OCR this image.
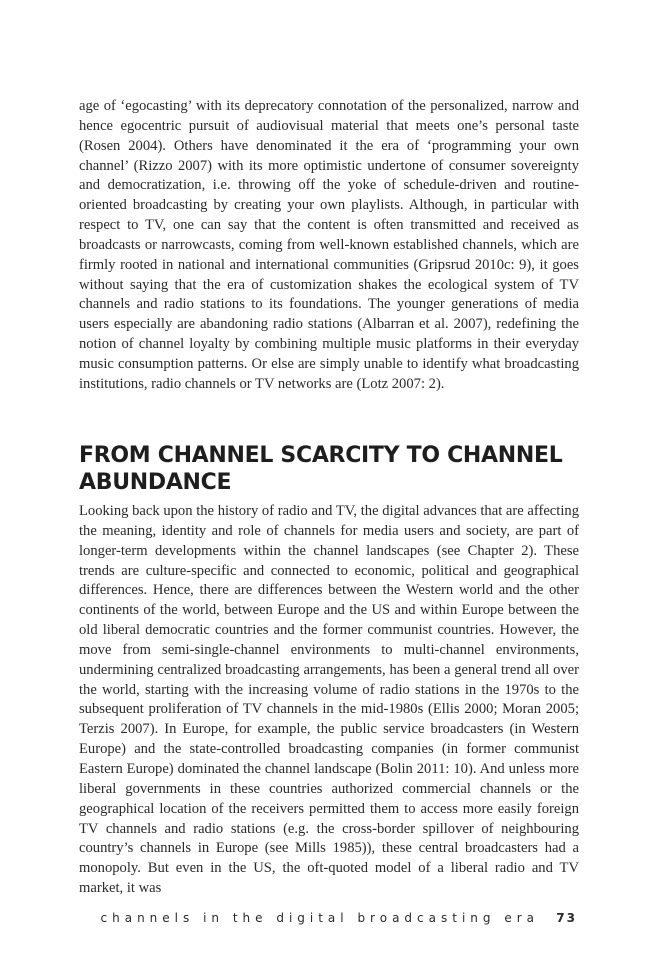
age of ‘egocasting’ with its deprecatory connotation of the personalized, narrow and hence egocentric pursuit of audiovisual material that meets one’s personal taste (Rosen 2004). Others have denominated it the era of ‘programming your own channel’ (Rizzo 2007) with its more optimistic undertone of consumer sovereignty and democratization, i.e. throwing off the yoke of schedule-driven and routine-oriented broadcasting by creating your own playlists. Although, in particular with respect to TV, one can say that the content is often transmitted and received as broadcasts or narrowcasts, coming from well-known established channels, which are firmly rooted in national and international communities (Gripsrud 2010c: 9), it goes without saying that the era of customization shakes the ecological system of TV channels and radio stations to its foundations. The younger generations of media users especially are abandoning radio stations (Albarran et al. 2007), redefining the notion of channel loyalty by combining multiple music platforms in their everyday music consumption patterns. Or else are simply unable to identify what broadcasting institutions, radio channels or TV networks are (Lotz 2007: 2).

FROM CHANNEL SCARCITY TO CHANNEL ABUNDANCE

Looking back upon the history of radio and TV, the digital advances that are affecting the meaning, identity and role of channels for media users and society, are part of longer-term developments within the channel landscapes (see Chapter 2). These trends are culture-specific and connected to economic, political and geographical differences. Hence, there are differences between the Western world and the other continents of the world, between Europe and the US and within Europe between the old liberal democratic countries and the former communist countries. However, the move from semi-single-channel environments to multi-channel environments, undermining centralized broadcasting arrangements, has been a general trend all over the world, starting with the increasing volume of radio stations in the 1970s to the subsequent proliferation of TV channels in the mid-1980s (Ellis 2000; Moran 2005; Terzis 2007). In Europe, for example, the public service broadcasters (in Western Europe) and the state-controlled broadcasting companies (in former communist Eastern Europe) dominated the channel landscape (Bolin 2011: 10). And unless more liberal governments in these countries authorized commercial channels or the geographical location of the receivers permitted them to access more easily foreign TV channels and radio stations (e.g. the cross-border spillover of neighbouring country’s channels in Europe (see Mills 1985)), these central broadcasters had a monopoly. But even in the US, the oft-quoted model of a liberal radio and TV market, it was

channels in the digital broadcasting era 73
